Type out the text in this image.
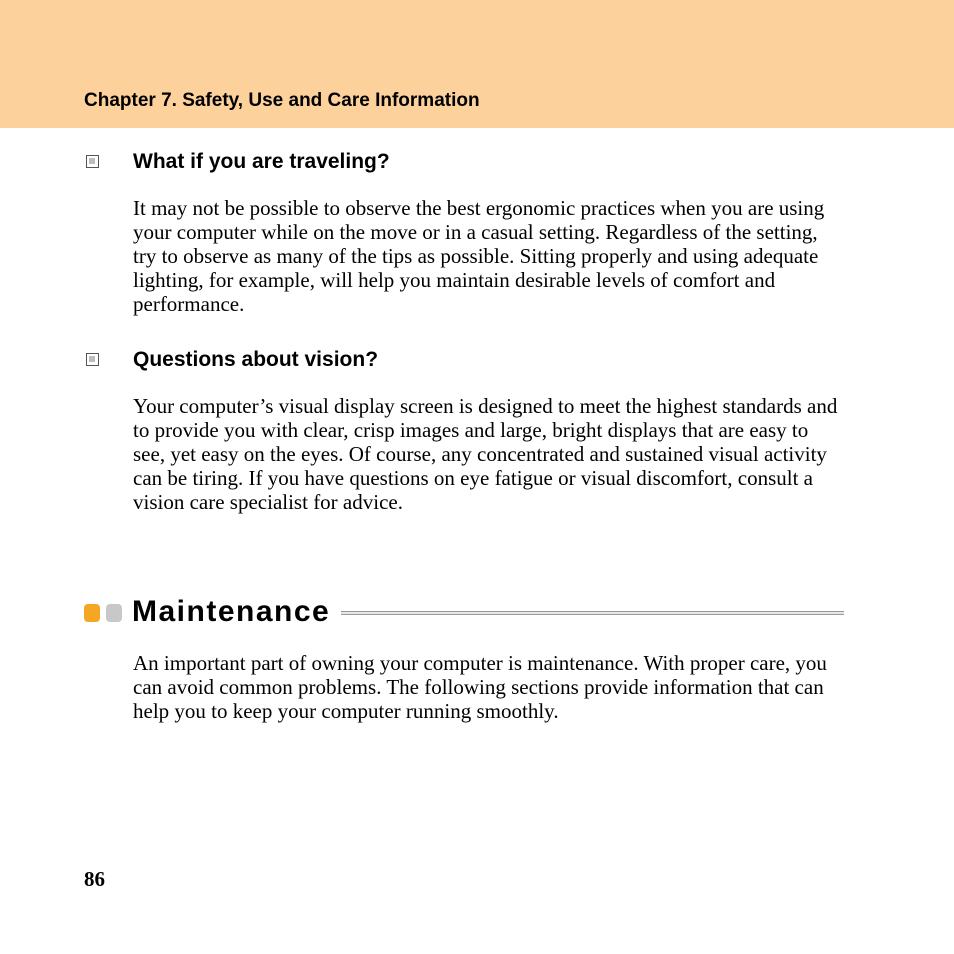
Chapter 7. Safety, Use and Care Information
What if you are traveling?

It may not be possible to observe the best ergonomic practices when you are using your computer while on the move or in a casual setting. Regardless of the setting, try to observe as many of the tips as possible. Sitting properly and using adequate lighting, for example, will help you maintain desirable levels of comfort and performance.

Questions about vision?

Your computer’s visual display screen is designed to meet the highest standards and to provide you with clear, crisp images and large, bright displays that are easy to see, yet easy on the eyes. Of course, any concentrated and sustained visual activity can be tiring. If you have questions on eye fatigue or visual discomfort, consult a vision care specialist for advice.

Maintenance

An important part of owning your computer is maintenance. With proper care, you can avoid common problems. The following sections provide information that can help you to keep your computer running smoothly.

86
